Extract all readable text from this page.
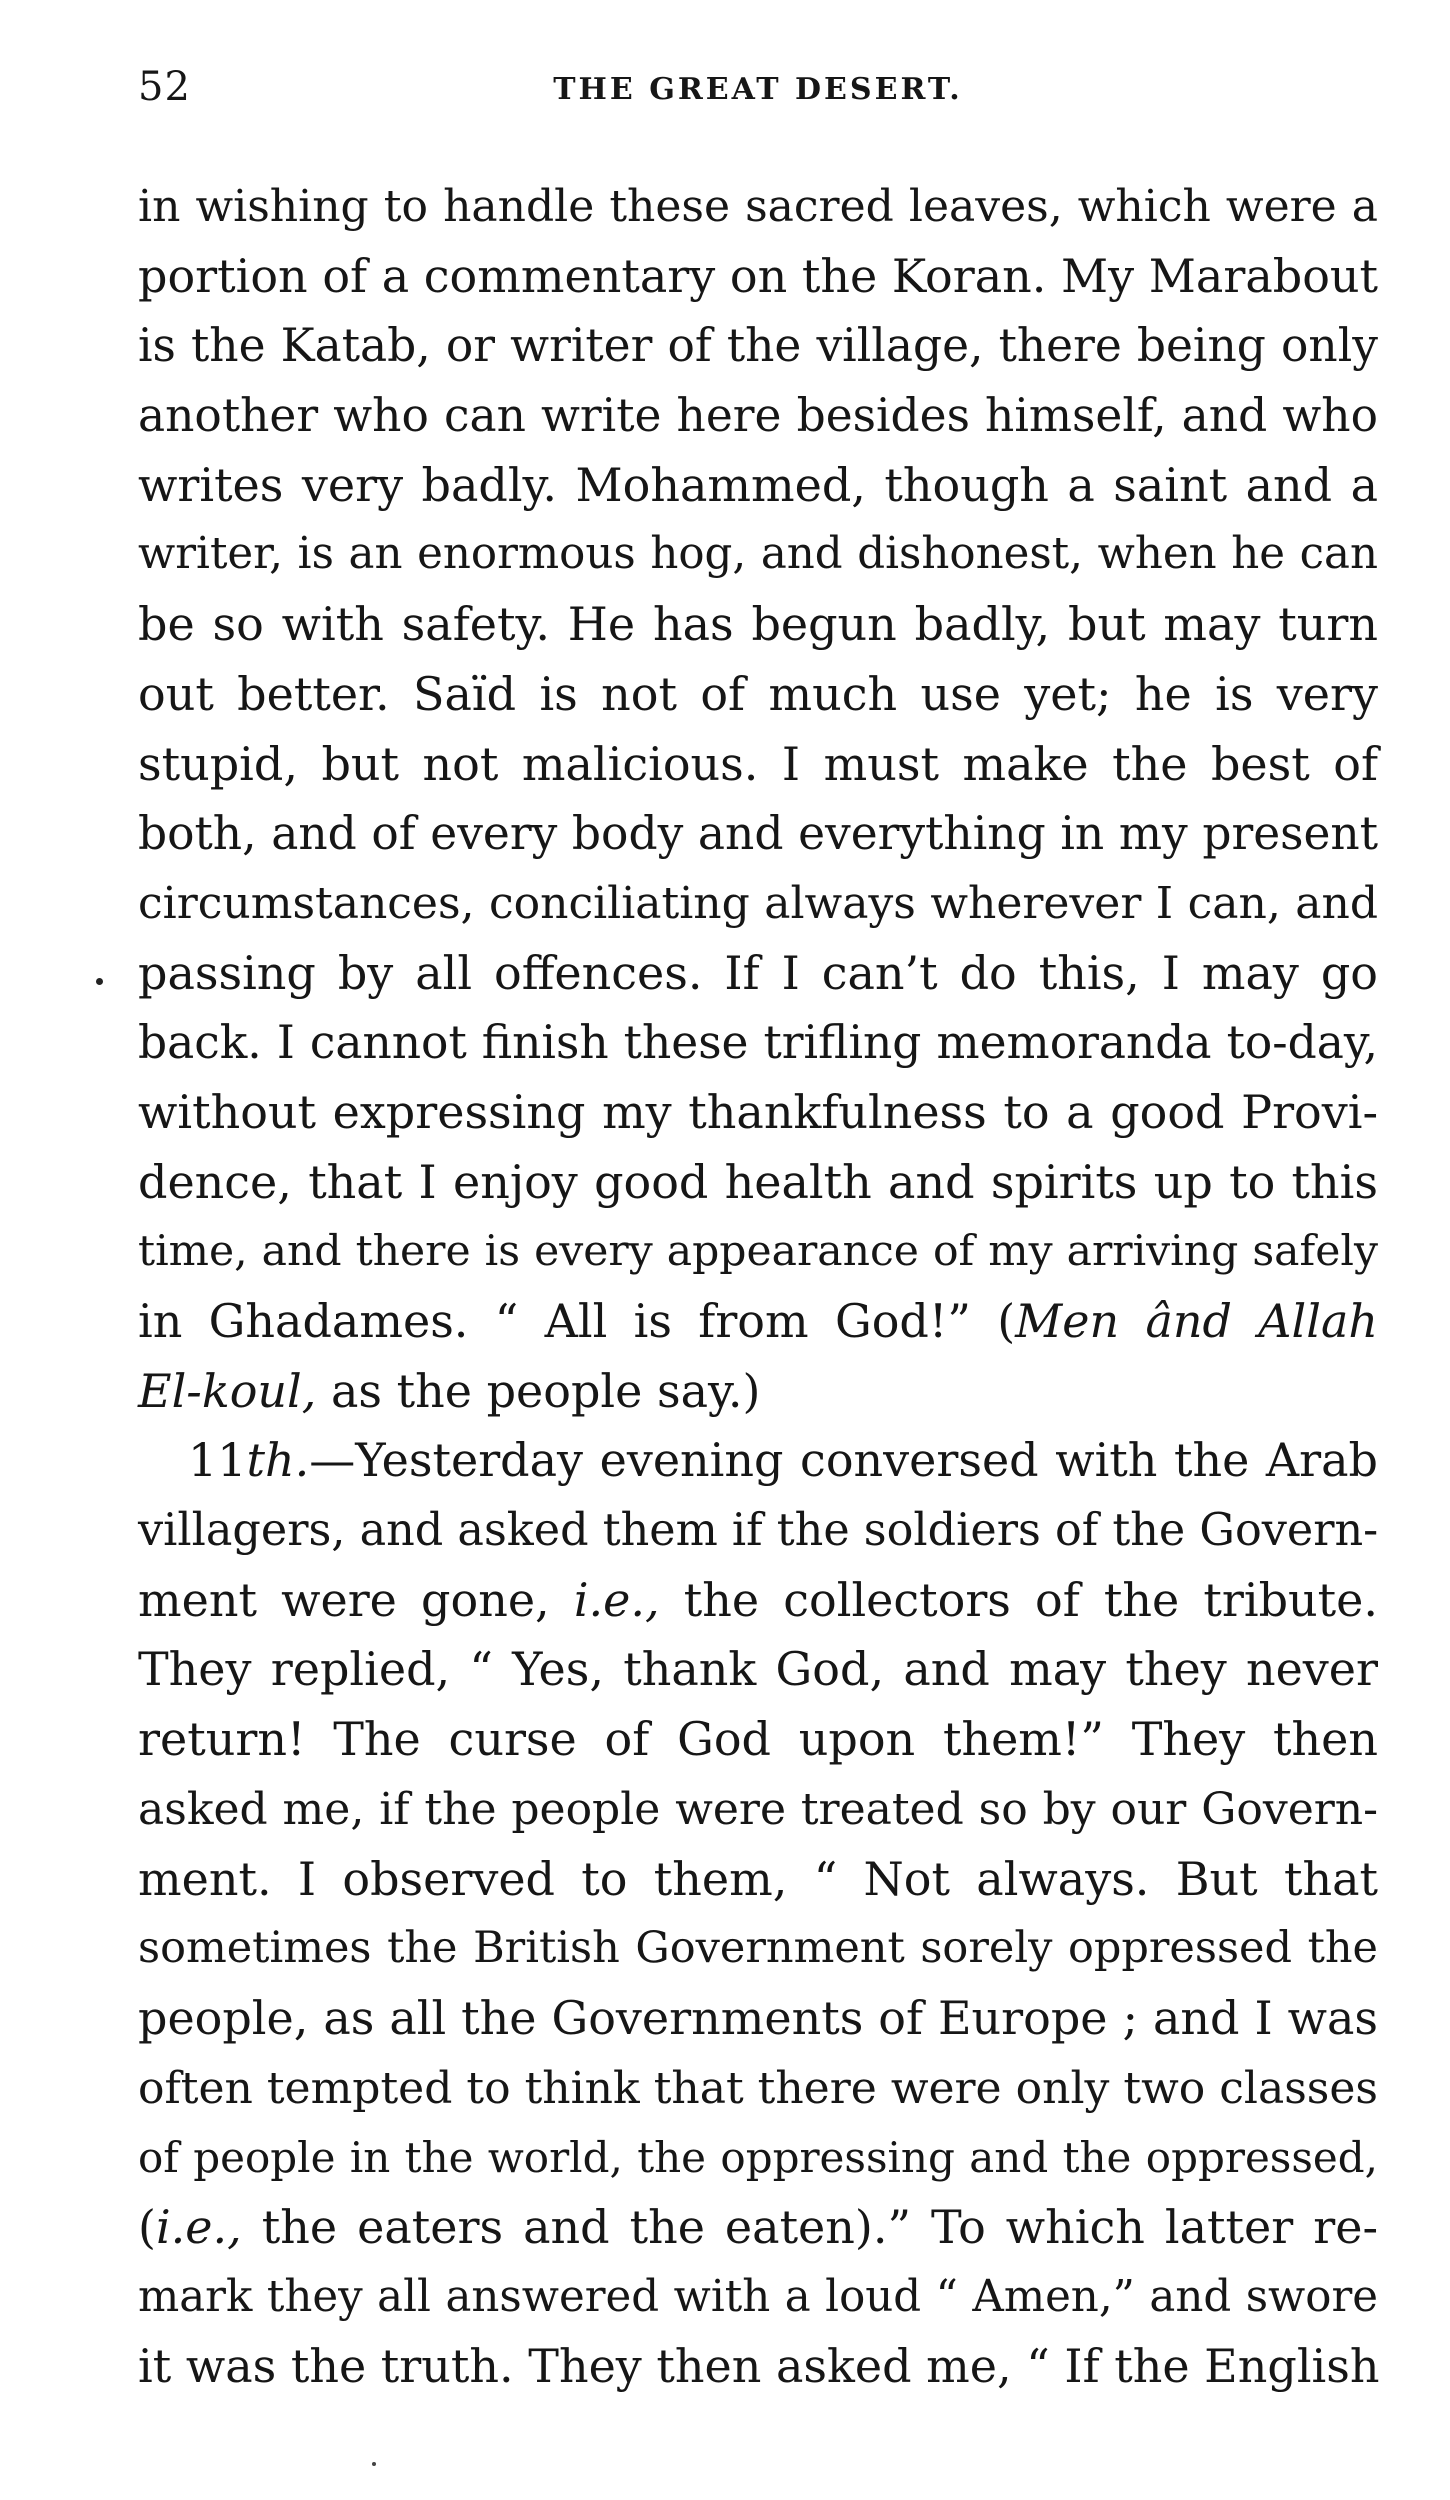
52	THE GREAT DESERT.
in wishing to handle these sacred leaves, which were a
portion of a commentary on the Koran. My Marabout
is the Katab, or writer of the village, there being only
another who can write here besides himself, and who
writes very badly. Mohammed, though a saint and a
writer, is an enormous hog, and dishonest, when he can
be so with safety. He has begun badly, but may turn
out better. Saïd is not of much use yet; he is very
stupid, but not malicious. I must make the best of
both, and of every body and everything in my present
circumstances, conciliating always wherever I can, and
passing by all offences. If I can’t do this, I may go
back. I cannot finish these trifling memoranda to-day,
without expressing my thankfulness to a good Provi-
dence, that I enjoy good health and spirits up to this
time, and there is every appearance of my arriving safely
in Ghadames. “ All is from God!” (Men ând Allah
El-koul, as the people say.)
11th.—Yesterday evening conversed with the Arab
villagers, and asked them if the soldiers of the Govern-
ment were gone, i.e., the collectors of the tribute.
They replied, “ Yes, thank God, and may they never
return! The curse of God upon them!” They then
asked me, if the people were treated so by our Govern-
ment. I observed to them, “ Not always. But that
sometimes the British Government sorely oppressed the
people, as all the Governments of Europe ; and I was
often tempted to think that there were only two classes
of people in the world, the oppressing and the oppressed,
(i.e., the eaters and the eaten).” To which latter re-
mark they all answered with a loud “ Amen,” and swore
it was the truth. They then asked me, “ If the English
